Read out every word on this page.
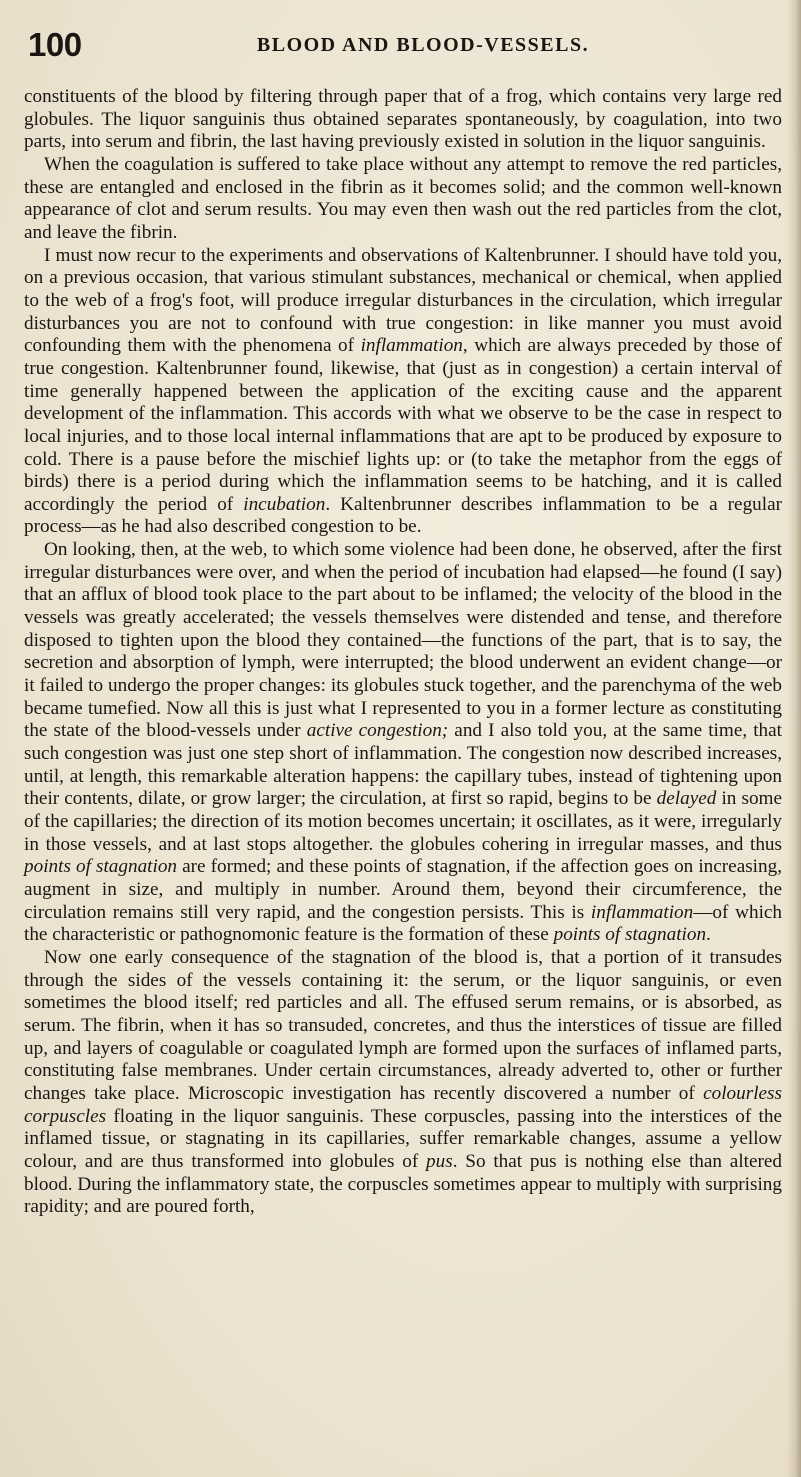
100	BLOOD AND BLOOD-VESSELS.

constituents of the blood by filtering through paper that of a frog, which contains very large red globules. The liquor sanguinis thus obtained separates spontaneously, by coagulation, into two parts, into serum and fibrin, the last having previously existed in solution in the liquor sanguinis.

When the coagulation is suffered to take place without any attempt to remove the red particles, these are entangled and enclosed in the fibrin as it becomes solid; and the common well-known appearance of clot and serum results. You may even then wash out the red particles from the clot, and leave the fibrin.

I must now recur to the experiments and observations of Kaltenbrunner. I should have told you, on a previous occasion, that various stimulant substances, mechanical or chemical, when applied to the web of a frog's foot, will produce irregular disturbances in the circulation, which irregular disturbances you are not to confound with true congestion: in like manner you must avoid confounding them with the phenomena of inflammation, which are always preceded by those of true congestion. Kaltenbrunner found, likewise, that (just as in congestion) a certain interval of time generally happened between the application of the exciting cause and the apparent development of the inflammation. This accords with what we observe to be the case in respect to local injuries, and to those local internal inflammations that are apt to be produced by exposure to cold. There is a pause before the mischief lights up: or (to take the metaphor from the eggs of birds) there is a period during which the inflammation seems to be hatching, and it is called accordingly the period of incubation. Kaltenbrunner describes inflammation to be a regular process—as he had also described congestion to be.

On looking, then, at the web, to which some violence had been done, he observed, after the first irregular disturbances were over, and when the period of incubation had elapsed—he found (I say) that an afflux of blood took place to the part about to be inflamed; the velocity of the blood in the vessels was greatly accelerated; the vessels themselves were distended and tense, and therefore disposed to tighten upon the blood they contained—the functions of the part, that is to say, the secretion and absorption of lymph, were interrupted; the blood underwent an evident change—or it failed to undergo the proper changes: its globules stuck together, and the parenchyma of the web became tumefied. Now all this is just what I represented to you in a former lecture as constituting the state of the blood-vessels under active congestion; and I also told you, at the same time, that such congestion was just one step short of inflammation. The congestion now described increases, until, at length, this remarkable alteration happens: the capillary tubes, instead of tightening upon their contents, dilate, or grow larger; the circulation, at first so rapid, begins to be delayed in some of the capillaries; the direction of its motion becomes uncertain; it oscillates, as it were, irregularly in those vessels, and at last stops altogether. the globules cohering in irregular masses, and thus points of stagnation are formed; and these points of stagnation, if the affection goes on increasing, augment in size, and multiply in number. Around them, beyond their circumference, the circulation remains still very rapid, and the congestion persists. This is inflammation—of which the characteristic or pathognomonic feature is the formation of these points of stagnation.

Now one early consequence of the stagnation of the blood is, that a portion of it transudes through the sides of the vessels containing it: the serum, or the liquor sanguinis, or even sometimes the blood itself; red particles and all. The effused serum remains, or is absorbed, as serum. The fibrin, when it has so transuded, concretes, and thus the interstices of tissue are filled up, and layers of coagulable or coagulated lymph are formed upon the surfaces of inflamed parts, constituting false membranes. Under certain circumstances, already adverted to, other or further changes take place. Microscopic investigation has recently discovered a number of colourless corpuscles floating in the liquor sanguinis. These corpuscles, passing into the interstices of the inflamed tissue, or stagnating in its capillaries, suffer remarkable changes, assume a yellow colour, and are thus transformed into globules of pus. So that pus is nothing else than altered blood. During the inflammatory state, the corpuscles sometimes appear to multiply with surprising rapidity; and are poured forth,
